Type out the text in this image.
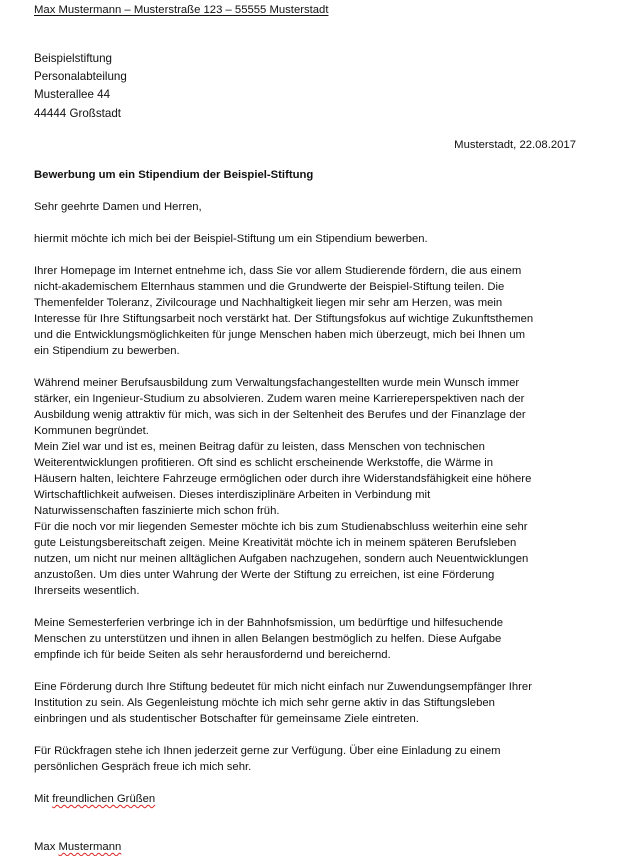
Max Mustermann – Musterstraße 123 – 55555 Musterstadt
Beispielstiftung
Personalabteilung
Musterallee 44
44444 Großstadt
Musterstadt, 22.08.2017
Bewerbung um ein Stipendium der Beispiel-Stiftung
Sehr geehrte Damen und Herren,
hiermit möchte ich mich bei der Beispiel-Stiftung um ein Stipendium bewerben.
Ihrer Homepage im Internet entnehme ich, dass Sie vor allem Studierende fördern, die aus einem
nicht-akademischem Elternhaus stammen und die Grundwerte der Beispiel-Stiftung teilen. Die
Themenfelder Toleranz, Zivilcourage und Nachhaltigkeit liegen mir sehr am Herzen, was mein
Interesse für Ihre Stiftungsarbeit noch verstärkt hat. Der Stiftungsfokus auf wichtige Zukunftsthemen
und die Entwicklungsmöglichkeiten für junge Menschen haben mich überzeugt, mich bei Ihnen um
ein Stipendium zu bewerben.
Während meiner Berufsausbildung zum Verwaltungsfachangestellten wurde mein Wunsch immer
stärker, ein Ingenieur-Studium zu absolvieren. Zudem waren meine Karriereperspektiven nach der
Ausbildung wenig attraktiv für mich, was sich in der Seltenheit des Berufes und der Finanzlage der
Kommunen begründet.
Mein Ziel war und ist es, meinen Beitrag dafür zu leisten, dass Menschen von technischen
Weiterentwicklungen profitieren. Oft sind es schlicht erscheinende Werkstoffe, die Wärme in
Häusern halten, leichtere Fahrzeuge ermöglichen oder durch ihre Widerstandsfähigkeit eine höhere
Wirtschaftlichkeit aufweisen. Dieses interdisziplinäre Arbeiten in Verbindung mit
Naturwissenschaften faszinierte mich schon früh.
Für die noch vor mir liegenden Semester möchte ich bis zum Studienabschluss weiterhin eine sehr
gute Leistungsbereitschaft zeigen. Meine Kreativität möchte ich in meinem späteren Berufsleben
nutzen, um nicht nur meinen alltäglichen Aufgaben nachzugehen, sondern auch Neuentwicklungen
anzustoßen. Um dies unter Wahrung der Werte der Stiftung zu erreichen, ist eine Förderung
Ihrerseits wesentlich.
Meine Semesterferien verbringe ich in der Bahnhofsmission, um bedürftige und hilfesuchende
Menschen zu unterstützen und ihnen in allen Belangen bestmöglich zu helfen. Diese Aufgabe
empfinde ich für beide Seiten als sehr herausfordernd und bereichernd.
Eine Förderung durch Ihre Stiftung bedeutet für mich nicht einfach nur Zuwendungsempfänger Ihrer
Institution zu sein. Als Gegenleistung möchte ich mich sehr gerne aktiv in das Stiftungsleben
einbringen und als studentischer Botschafter für gemeinsame Ziele eintreten.
Für Rückfragen stehe ich Ihnen jederzeit gerne zur Verfügung. Über eine Einladung zu einem
persönlichen Gespräch freue ich mich sehr.
Mit freundlichen Grüßen
Max Mustermann
